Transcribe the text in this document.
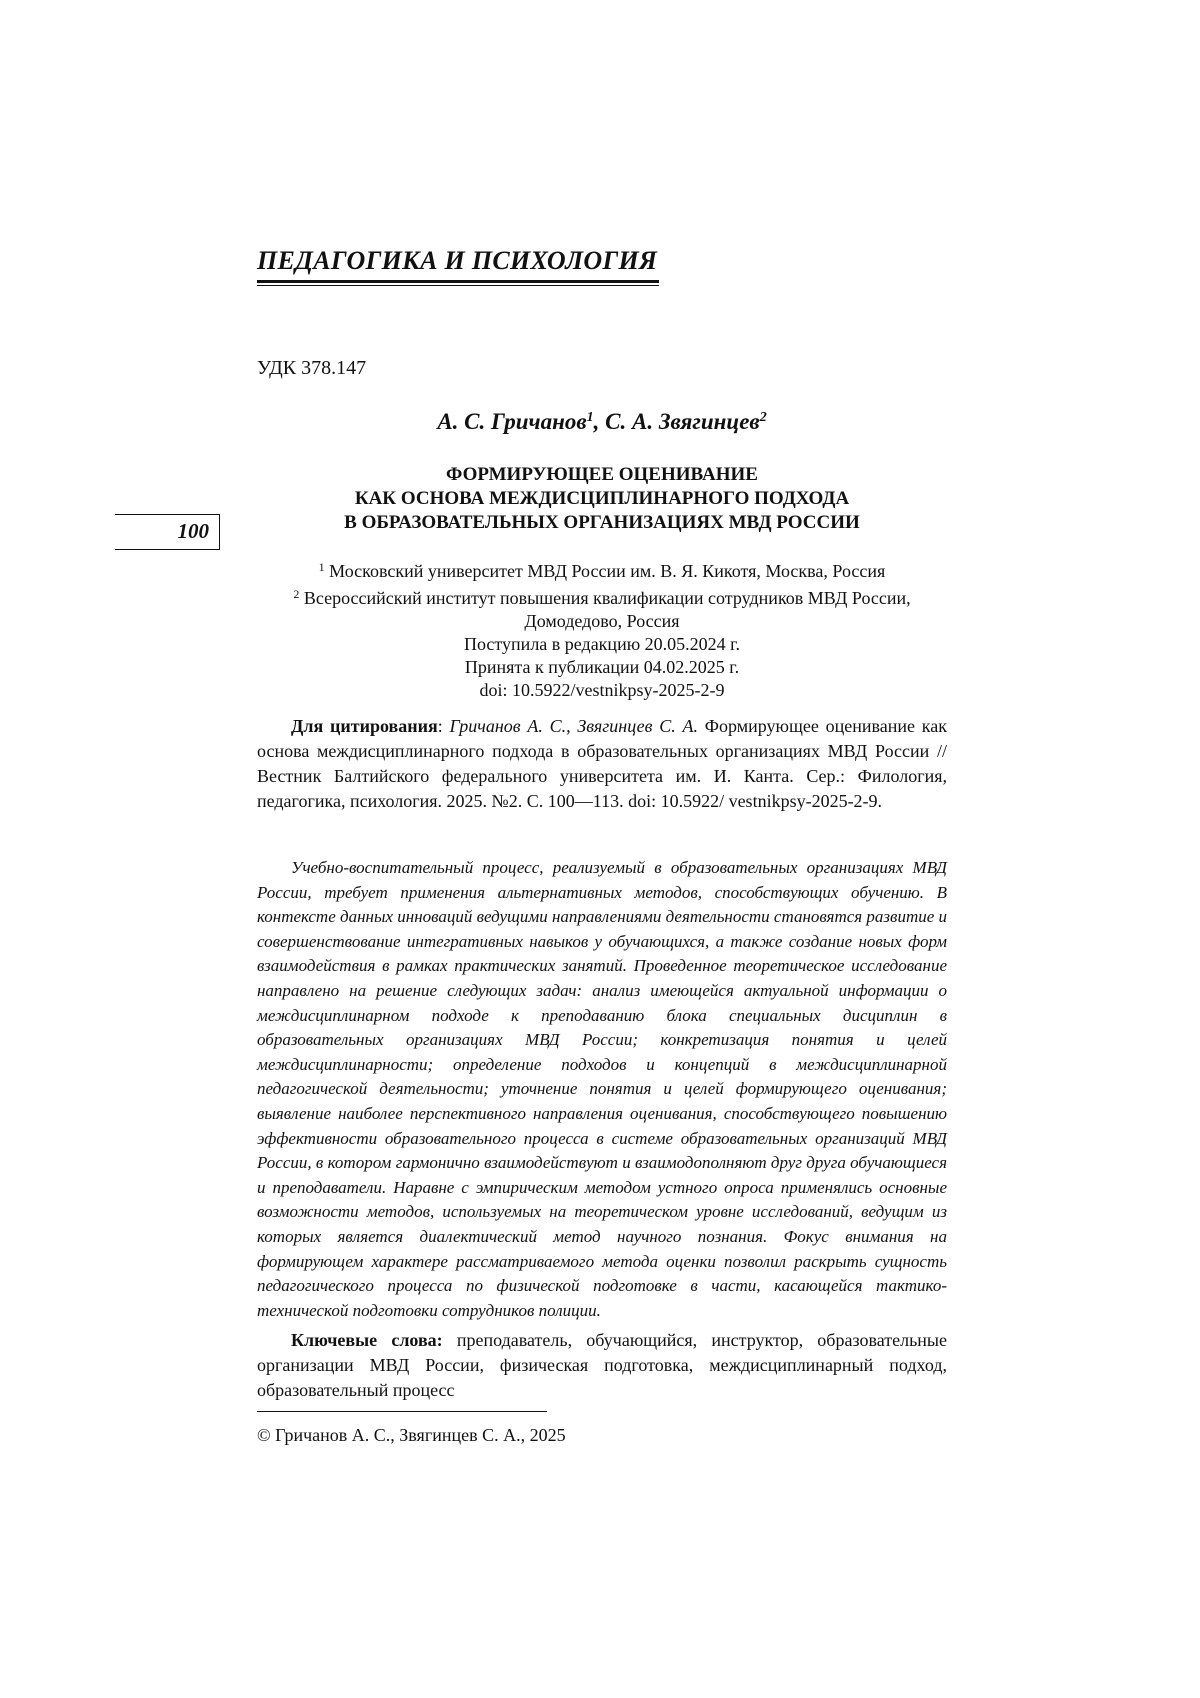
ПЕДАГОГИКА И ПСИХОЛОГИЯ
100
УДК 378.147
А. С. Гричанов$^1$, С. А. Звягинцев$^2$
ФОРМИРУЮЩЕЕ ОЦЕНИВАНИЕ
КАК ОСНОВА МЕЖДИСЦИПЛИНАРНОГО ПОДХОДА
В ОБРАЗОВАТЕЛЬНЫХ ОРГАНИЗАЦИЯХ МВД РОССИИ
$^1$ Московский университет МВД России им. В. Я. Кикотя, Москва, Россия
$^2$ Всероссийский институт повышения квалификации сотрудников МВД России,
Домодедово, Россия
Поступила в редакцию 20.05.2024 г.
Принята к публикации 04.02.2025 г.
doi: 10.5922/vestnikpsy-2025-2-9

Для цитирования: Гричанов А. С., Звягинцев С. А. Формирующее оценивание как основа междисциплинарного подхода в образовательных организациях МВД России // Вестник Балтийского федерального университета им. И. Канта. Сер.: Филология, педагогика, психология. 2025. №2. С. 100—113. doi: 10.5922/ vestnikpsy-2025-2-9.

Учебно-воспитательный процесс, реализуемый в образовательных организациях МВД России, требует применения альтернативных методов, способствующих обучению. В контексте данных инноваций ведущими направлениями деятельности становятся развитие и совершенствование интегративных навыков у обучающихся, а также создание новых форм взаимодействия в рамках практических занятий. Проведенное теоретическое исследование направлено на решение следующих задач: анализ имеющейся актуальной информации о междисциплинарном подходе к преподаванию блока специальных дисциплин в образовательных организациях МВД России; конкретизация понятия и целей междисциплинарности; определение подходов и концепций в междисциплинарной педагогической деятельности; уточнение понятия и целей формирующего оценивания; выявление наиболее перспективного направления оценивания, способствующего повышению эффективности образовательного процесса в системе образовательных организаций МВД России, в котором гармонично взаимодействуют и взаимодополняют друг друга обучающиеся и преподаватели. Наравне с эмпирическим методом устного опроса применялись основные возможности методов, используемых на теоретическом уровне исследований, ведущим из которых является диалектический метод научного познания. Фокус внимания на формирующем характере рассматриваемого метода оценки позволил раскрыть сущность педагогического процесса по физической подготовке в части, касающейся тактико-технической подготовки сотрудников полиции.

Ключевые слова: преподаватель, обучающийся, инструктор, образовательные организации МВД России, физическая подготовка, междисциплинарный подход, образовательный процесс

© Гричанов А. С., Звягинцев С. А., 2025
